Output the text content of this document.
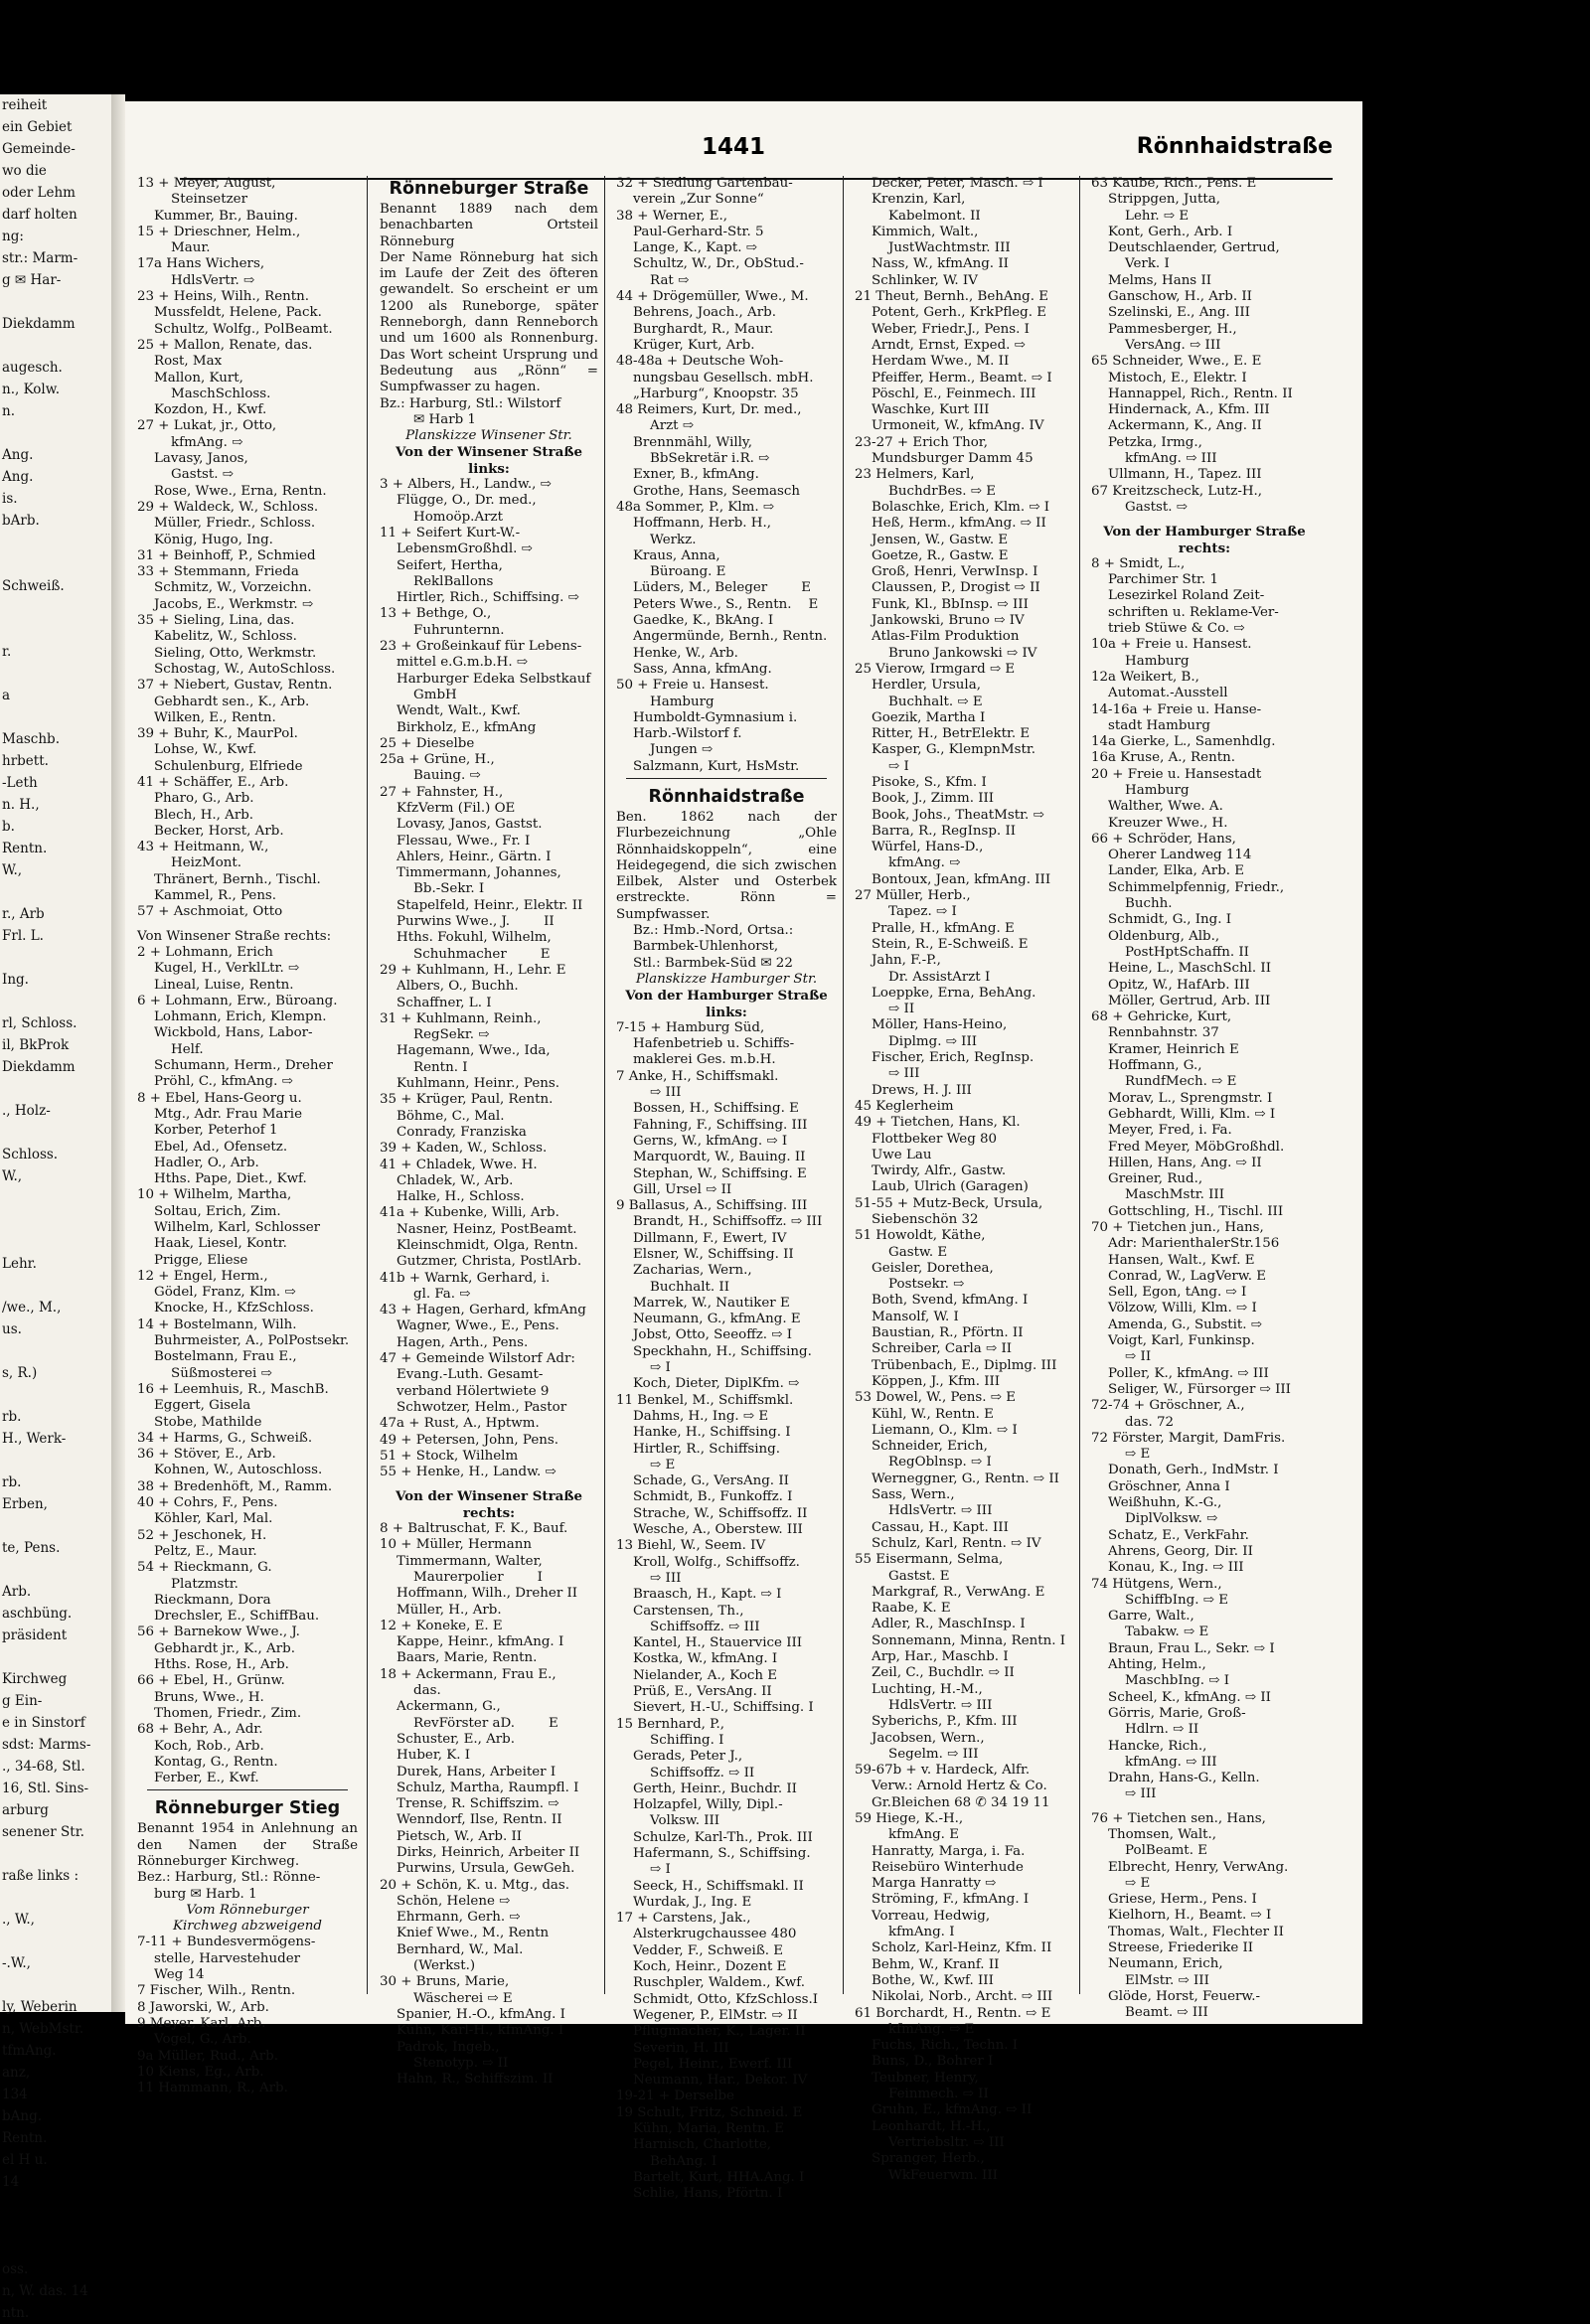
reiheit
ein Gebiet
Gemeinde-
wo die
oder Lehm
darf holten
ng:
str.: Marm-
g ✉ Har-

Diekdamm

augesch.
n., Kolw.
n.

Ang.
Ang.
is.
bArb.

Schweiß.

r.

a

Maschb.
hrbett.
-Leth
n. H.,
b.
Rentn.
W.,

r., Arb
Frl. L.

Ing.

rl, Schloss.
il, BkProk
Diekdamm

., Holz-

Schloss.
W.,

Lehr.

/we., M.,
us.

s, R.)

rb.
H., Werk-

rb.
Erben,

te, Pens.

Arb.
aschbüng.
präsident

Kirchweg
g Ein-
e in Sinstorf
sdst: Marms-
., 34-68, Stl.
16, Stl. Sins-
arburg
senener Str.

raße links :

., W.,

-.W.,

ly, Weberin
n, WebMstr.
tfmAng.
anz,
134
bAng.
Rentn.
el H u.
14

oss.
n, W. das. 14
ntn.
1441	Rönnhaidstraße
13 + Meyer, August,
Steinsetzer
Kummer, Br., Bauing.
15 + Drieschner, Helm.,
Maur.
17a Hans Wichers,
HdlsVertr. ⇨
23 + Heins, Wilh., Rentn.
Mussfeldt, Helene, Pack.
Schultz, Wolfg., PolBeamt.
25 + Mallon, Renate, das.
Rost, Max
Mallon, Kurt,
MaschSchloss.
Kozdon, H., Kwf.
27 + Lukat, jr., Otto,
kfmAng. ⇨
Lavasy, Janos,
Gastst. ⇨
Rose, Wwe., Erna, Rentn.
29 + Waldeck, W., Schloss.
Müller, Friedr., Schloss.
König, Hugo, Ing.
31 + Beinhoff, P., Schmied
33 + Stemmann, Frieda
Schmitz, W., Vorzeichn.
Jacobs, E., Werkmstr. ⇨
35 + Sieling, Lina, das.
Kabelitz, W., Schloss.
Sieling, Otto, Werkmstr.
Schostag, W., AutoSchloss.
37 + Niebert, Gustav, Rentn.
Gebhardt sen., K., Arb.
Wilken, E., Rentn.
39 + Buhr, K., MaurPol.
Lohse, W., Kwf.
Schulenburg, Elfriede
41 + Schäffer, E., Arb.
Pharo, G., Arb.
Blech, H., Arb.
Becker, Horst, Arb.
43 + Heitmann, W.,
HeizMont.
Thränert, Bernh., Tischl.
Kammel, R., Pens.
57 + Aschmoiat, Otto
Von Winsener Straße rechts:
2 + Lohmann, Erich
Kugel, H., VerklLtr. ⇨
Lineal, Luise, Rentn.
6 + Lohmann, Erw., Büroang.
Lohmann, Erich, Klempn.
Wickbold, Hans, Labor-
Helf.
Schumann, Herm., Dreher
Pröhl, C., kfmAng. ⇨
8 + Ebel, Hans-Georg u.
Mtg., Adr. Frau Marie
Korber, Peterhof 1
Ebel, Ad., Ofensetz.
Hadler, O., Arb.
Hths. Pape, Diet., Kwf.
10 + Wilhelm, Martha,
Soltau, Erich, Zim.
Wilhelm, Karl, Schlosser
Haak, Liesel, Kontr.
Prigge, Eliese
12 + Engel, Herm.,
Gödel, Franz, Klm. ⇨
Knocke, H., KfzSchloss.
14 + Bostelmann, Wilh.
Buhrmeister, A., PolPostsekr.
Bostelmann, Frau E.,
Süßmosterei ⇨
16 + Leemhuis, R., MaschB.
Eggert, Gisela
Stobe, Mathilde
34 + Harms, G., Schweiß.
36 + Stöver, E., Arb.
Kohnen, W., Autoschloss.
38 + Bredenhöft, M., Ramm.
40 + Cohrs, F., Pens.
Köhler, Karl, Mal.
52 + Jeschonek, H.
Peltz, E., Maur.
54 + Rieckmann, G.
Platzmstr.
Rieckmann, Dora
Drechsler, E., SchiffBau.
56 + Barnekow Wwe., J.
Gebhardt jr., K., Arb.
Hths. Rose, H., Arb.
66 + Ebel, H., Grünw.
Bruns, Wwe., H.
Thomen, Friedr., Zim.
68 + Behr, A., Adr.
Koch, Rob., Arb.
Kontag, G., Rentn.
Ferber, E., Kwf.
Rönneburger Stieg
Benannt 1954 in Anlehnung an den Namen der Straße Rönneburger Kirchweg.
Bez.: Harburg, Stl.: Rönne-
burg ✉ Harb. 1
Vom Rönneburger
Kirchweg abzweigend
7-11 + Bundesvermögens-
stelle, Harvestehuder
Weg 14
7 Fischer, Wilh., Rentn.
8 Jaworski, W., Arb.
9 Meyer, Karl, Arb.
Vogel, G., Arb.
9a Müller, Rud., Arb.
10 Kiens, Eg., Arb.
11 Hammann, R., Arb.
Rönneburger Straße
Benannt 1889 nach dem benachbarten Ortsteil Rönneburg
Der Name Rönneburg hat sich im Laufe der Zeit des öfteren gewandelt. So erscheint er um 1200 als Runeborge, später Renneborgh, dann Renneborch und um 1600 als Ronnenburg. Das Wort scheint Ursprung und Bedeutung aus „Rönn“ = Sumpfwasser zu hagen.
Bz.: Harburg, Stl.: Wilstorf
✉ Harb 1
Planskizze Winsener Str.
Von der Winsener Straße
links:
3 + Albers, H., Landw., ⇨
Flügge, O., Dr. med.,
Homoöp.Arzt
11 + Seifert Kurt-W.-
LebensmGroßhdl. ⇨
Seifert, Hertha,
ReklBallons
Hirtler, Rich., Schiffsing. ⇨
13 + Bethge, O.,
Fuhrunternn.
23 + Großeinkauf für Lebens-
mittel e.G.m.b.H. ⇨
Harburger Edeka Selbstkauf
GmbH
Wendt, Walt., Kwf.
Birkholz, E., kfmAng
25 + Dieselbe
25a + Grüne, H.,
Bauing. ⇨
27 + Fahnster, H.,
KfzVerm (Fil.) OE
Lovasy, Janos, Gastst.
Flessau, Wwe., Fr. I
Ahlers, Heinr., Gärtn. I
Timmermann, Johannes,
Bb.-Sekr. I
Stapelfeld, Heinr., Elektr. II
Purwins Wwe., J.        II
Hths. Fokuhl, Wilhelm,
Schuhmacher        E
29 + Kuhlmann, H., Lehr. E
Albers, O., Buchh.
Schaffner, L. I
31 + Kuhlmann, Reinh.,
RegSekr. ⇨
Hagemann, Wwe., Ida,
Rentn. I
Kuhlmann, Heinr., Pens.
35 + Krüger, Paul, Rentn.
Böhme, C., Mal.
Conrady, Franziska
39 + Kaden, W., Schloss.
41 + Chladek, Wwe. H.
Chladek, W., Arb.
Halke, H., Schloss.
41a + Kubenke, Willi, Arb.
Nasner, Heinz, PostBeamt.
Kleinschmidt, Olga, Rentn.
Gutzmer, Christa, PostlArb.
41b + Warnk, Gerhard, i.
gl. Fa. ⇨
43 + Hagen, Gerhard, kfmAng
Wagner, Wwe., E., Pens.
Hagen, Arth., Pens.
47 + Gemeinde Wilstorf Adr:
Evang.-Luth. Gesamt-
verband Hölertwiete 9
Schwotzer, Helm., Pastor
47a + Rust, A., Hptwm.
49 + Petersen, John, Pens.
51 + Stock, Wilhelm
55 + Henke, H., Landw. ⇨
Von der Winsener Straße
rechts:
8 + Baltruschat, F. K., Bauf.
10 + Müller, Hermann
Timmermann, Walter,
Maurerpolier        I
Hoffmann, Wilh., Dreher II
Müller, H., Arb.
12 + Koneke, E. E
Kappe, Heinr., kfmAng. I
Baars, Marie, Rentn.
18 + Ackermann, Frau E.,
das.
Ackermann, G.,
RevFörster aD.        E
Schuster, E., Arb.
Huber, K. I
Durek, Hans, Arbeiter I
Schulz, Martha, Raumpfl. I
Trense, R. Schiffszim. ⇨
Wenndorf, Ilse, Rentn. II
Pietsch, W., Arb. II
Dirks, Heinrich, Arbeiter II
Purwins, Ursula, GewGeh.
20 + Schön, K. u. Mtg., das.
Schön, Helene ⇨
Ehrmann, Gerh. ⇨
Knief Wwe., M., Rentn
Bernhard, W., Mal.
(Werkst.)
30 + Bruns, Marie,
Wäscherei ⇨ E
Spanier, H.-O., kfmAng. I
Kühn, Karl-H., kfmAng. I
Padrok, Ingeb.,
Stenotyp. ⇨ II
Hahn, R., Schiffszim. II
32 + Siedlung Gartenbau-
verein „Zur Sonne“
38 + Werner, E.,
Paul-Gerhard-Str. 5
Lange, K., Kapt. ⇨
Schultz, W., Dr., ObStud.-
Rat ⇨
44 + Drögemüller, Wwe., M.
Behrens, Joach., Arb.
Burghardt, R., Maur.
Krüger, Kurt, Arb.
48-48a + Deutsche Woh-
nungsbau Gesellsch. mbH.
„Harburg“, Knoopstr. 35
48 Reimers, Kurt, Dr. med.,
Arzt ⇨
Brennmähl, Willy,
BbSekretär i.R. ⇨
Exner, B., kfmAng.
Grothe, Hans, Seemasch
48a Sommer, P., Klm. ⇨
Hoffmann, Herb. H.,
Werkz.
Kraus, Anna,
Büroang. E
Lüders, M., Beleger        E
Peters Wwe., S., Rentn.    E
Gaedke, K., BkAng. I
Angermünde, Bernh., Rentn.
Henke, W., Arb.
Sass, Anna, kfmAng.
50 + Freie u. Hansest.
Hamburg
Humboldt-Gymnasium i.
Harb.-Wilstorf f.
Jungen ⇨
Salzmann, Kurt, HsMstr.
Rönnhaidstraße
Ben. 1862 nach der Flurbezeichnung „Ohle Rönnhaidskoppeln“, eine Heidegegend, die sich zwischen Eilbek, Alster und Osterbek erstreckte. Rönn = Sumpfwasser.
Bz.: Hmb.-Nord, Ortsa.:
Barmbek-Uhlenhorst,
Stl.: Barmbek-Süd ✉ 22
Planskizze Hamburger Str.
Von der Hamburger Straße
links:
7-15 + Hamburg Süd,
Hafenbetrieb u. Schiffs-
maklerei Ges. m.b.H.
7 Anke, H., Schiffsmakl.
⇨ III
Bossen, H., Schiffsing. E
Fahning, F., Schiffsing. III
Gerns, W., kfmAng. ⇨ I
Marquordt, W., Bauing. II
Stephan, W., Schiffsing. E
Gill, Ursel ⇨ II
9 Ballasus, A., Schiffsing. III
Brandt, H., Schiffsoffz. ⇨ III
Dillmann, F., Ewert, IV
Elsner, W., Schiffsing. II
Zacharias, Wern.,
Buchhalt. II
Marrek, W., Nautiker E
Neumann, G., kfmAng. E
Jobst, Otto, Seeoffz. ⇨ I
Speckhahn, H., Schiffsing.
⇨ I
Koch, Dieter, DiplKfm. ⇨
11 Benkel, M., Schiffsmkl.
Dahms, H., Ing. ⇨ E
Hanke, H., Schiffsing. I
Hirtler, R., Schiffsing.
⇨ E
Schade, G., VersAng. II
Schmidt, B., Funkoffz. I
Strache, W., Schiffsoffz. II
Wesche, A., Oberstew. III
13 Biehl, W., Seem. IV
Kroll, Wolfg., Schiffsoffz.
⇨ III
Braasch, H., Kapt. ⇨ I
Carstensen, Th.,
Schiffsoffz. ⇨ III
Kantel, H., Stauervice III
Kostka, W., kfmAng. I
Nielander, A., Koch E
Prüß, E., VersAng. II
Sievert, H.-U., Schiffsing. I
15 Bernhard, P.,
Schiffing. I
Gerads, Peter J.,
Schiffsoffz. ⇨ II
Gerth, Heinr., Buchdr. II
Holzapfel, Willy, Dipl.-
Volksw. III
Schulze, Karl-Th., Prok. III
Hafermann, S., Schiffsing.
⇨ I
Seeck, H., Schiffsmakl. II
Wurdak, J., Ing. E
17 + Carstens, Jak.,
Alsterkrugchaussee 480
Vedder, F., Schweiß. E
Koch, Heinr., Dozent E
Ruschpler, Waldem., Kwf.
Schmidt, Otto, KfzSchloss.I
Wegener, P., ElMstr. ⇨ II
Pflugmacher, K., Lager. II
Severin, H. III
Pegel, Heinr., Ewerf. III
Neumann, Har., Dekor. IV
19-21 + Derselbe
19 Schult, Fritz, Schneid. E
Kühn, Maria, Rentn. E
Harnisch, Charlotte,
BehAng. I
Bartelt, Kurt, HHA.Ang. I
Schlie, Hans, Pförtn. I
Decker, Peter, Masch. ⇨ I
Krenzin, Karl,
Kabelmont. II
Kimmich, Walt.,
JustWachtmstr. III
Nass, W., kfmAng. II
Schlinker, W. IV
21 Theut, Bernh., BehAng. E
Potent, Gerh., KrkPfleg. E
Weber, Friedr.J., Pens. I
Arndt, Ernst, Exped. ⇨
Herdam Wwe., M. II
Pfeiffer, Herm., Beamt. ⇨ I
Pöschl, E., Feinmech. III
Waschke, Kurt III
Urmoneit, W., kfmAng. IV
23-27 + Erich Thor,
Mundsburger Damm 45
23 Helmers, Karl,
BuchdrBes. ⇨ E
Bolaschke, Erich, Klm. ⇨ I
Heß, Herm., kfmAng. ⇨ II
Jensen, W., Gastw. E
Goetze, R., Gastw. E
Groß, Henri, VerwInsp. I
Claussen, P., Drogist ⇨ II
Funk, Kl., BbInsp. ⇨ III
Jankowski, Bruno ⇨ IV
Atlas-Film Produktion
Bruno Jankowski ⇨ IV
25 Vierow, Irmgard ⇨ E
Herdler, Ursula,
Buchhalt. ⇨ E
Goezik, Martha I
Ritter, H., BetrElektr. E
Kasper, G., KlempnMstr.
⇨ I
Pisoke, S., Kfm. I
Book, J., Zimm. III
Book, Johs., TheatMstr. ⇨
Barra, R., RegInsp. II
Würfel, Hans-D.,
kfmAng. ⇨
Bontoux, Jean, kfmAng. III
27 Müller, Herb.,
Tapez. ⇨ I
Pralle, H., kfmAng. E
Stein, R., E-Schweiß. E
Jahn, F.-P.,
Dr. AssistArzt I
Loeppke, Erna, BehAng.
⇨ II
Möller, Hans-Heino,
Diplmg. ⇨ III
Fischer, Erich, RegInsp.
⇨ III
Drews, H. J. III
45 Keglerheim
49 + Tietchen, Hans, Kl.
Flottbeker Weg 80
Uwe Lau
Twirdy, Alfr., Gastw.
Laub, Ulrich (Garagen)
51-55 + Mutz-Beck, Ursula,
Siebenschön 32
51 Howoldt, Käthe,
Gastw. E
Geisler, Dorethea,
Postsekr. ⇨
Both, Svend, kfmAng. I
Mansolf, W. I
Baustian, R., Pförtn. II
Schreiber, Carla ⇨ II
Trübenbach, E., Diplmg. III
Köppen, J., Kfm. III
53 Dowel, W., Pens. ⇨ E
Kühl, W., Rentn. E
Liemann, O., Klm. ⇨ I
Schneider, Erich,
RegOblnsp. ⇨ I
Werneggner, G., Rentn. ⇨ II
Sass, Wern.,
HdlsVertr. ⇨ III
Cassau, H., Kapt. III
Schulz, Karl, Rentn. ⇨ IV
55 Eisermann, Selma,
Gastst. E
Markgraf, R., VerwAng. E
Raabe, K. E
Adler, R., MaschInsp. I
Sonnemann, Minna, Rentn. I
Arp, Har., Maschb. I
Zeil, C., Buchdlr. ⇨ II
Luchting, H.-M.,
HdlsVertr. ⇨ III
Syberichs, P., Kfm. III
Jacobsen, Wern.,
Segelm. ⇨ III
59-67b + v. Hardeck, Alfr.
Verw.: Arnold Hertz & Co.
Gr.Bleichen 68 ✆ 34 19 11
59 Hiege, K.-H.,
kfmAng. E
Hanratty, Marga, i. Fa.
Reisebüro Winterhude
Marga Hanratty ⇨
Ströming, F., kfmAng. I
Vorreau, Hedwig,
kfmAng. I
Scholz, Karl-Heinz, Kfm. II
Behm, W., Kranf. II
Bothe, W., Kwf. III
Nikolai, Norb., Archt. ⇨ III
61 Borchardt, H., Rentn. ⇨ E
kfmAng. ⇨ E
Fuchs, Rich., Techn. I
Buns, D., Bohrer I
Teubner, Henry,
Feinmech. ⇨ II
Gruhn, E., kfmAng. ⇨ II
Leonhardt, H.-H.,
Vertriebsltr. ⇨ III
Spranger, Herb.,
WkFeuerwm. III
63 Kaube, Rich., Pens. E
Strippgen, Jutta,
Lehr. ⇨ E
Kont, Gerh., Arb. I
Deutschlaender, Gertrud,
Verk. I
Melms, Hans II
Ganschow, H., Arb. II
Szelinski, E., Ang. III
Pammesberger, H.,
VersAng. ⇨ III
65 Schneider, Wwe., E. E
Mistoch, E., Elektr. I
Hannappel, Rich., Rentn. II
Hindernack, A., Kfm. III
Ackermann, K., Ang. II
Petzka, Irmg.,
kfmAng. ⇨ III
Ullmann, H., Tapez. III
67 Kreitzscheck, Lutz-H.,
Gastst. ⇨
Von der Hamburger Straße
rechts:
8 + Smidt, L.,
Parchimer Str. 1
Lesezirkel Roland Zeit-
schriften u. Reklame-Ver-
trieb Stüwe & Co. ⇨
10a + Freie u. Hansest.
Hamburg
12a Weikert, B.,
Automat.-Ausstell
14-16a + Freie u. Hanse-
stadt Hamburg
14a Gierke, L., Samenhdlg.
16a Kruse, A., Rentn.
20 + Freie u. Hansestadt
Hamburg
Walther, Wwe. A.
Kreuzer Wwe., H.
66 + Schröder, Hans,
Oherer Landweg 114
Lander, Elka, Arb. E
Schimmelpfennig, Friedr.,
Buchh.
Schmidt, G., Ing. I
Oldenburg, Alb.,
PostHptSchaffn. II
Heine, L., MaschSchl. II
Opitz, W., HafArb. III
Möller, Gertrud, Arb. III
68 + Gehricke, Kurt,
Rennbahnstr. 37
Kramer, Heinrich E
Hoffmann, G.,
RundfMech. ⇨ E
Morav, L., Sprengmstr. I
Gebhardt, Willi, Klm. ⇨ I
Meyer, Fred, i. Fa.
Fred Meyer, MöbGroßhdl.
Hillen, Hans, Ang. ⇨ II
Greiner, Rud.,
MaschMstr. III
Gottschling, H., Tischl. III
70 + Tietchen jun., Hans,
Adr: MarienthalerStr.156
Hansen, Walt., Kwf. E
Conrad, W., LagVerw. E
Sell, Egon, tAng. ⇨ I
Völzow, Willi, Klm. ⇨ I
Amenda, G., Substit. ⇨
Voigt, Karl, Funkinsp.
⇨ II
Poller, K., kfmAng. ⇨ III
Seliger, W., Fürsorger ⇨ III
72-74 + Gröschner, A.,
das. 72
72 Förster, Margit, DamFris.
⇨ E
Donath, Gerh., IndMstr. I
Gröschner, Anna I
Weißhuhn, K.-G.,
DiplVolksw. ⇨
Schatz, E., VerkFahr.
Ahrens, Georg, Dir. II
Konau, K., Ing. ⇨ III
74 Hütgens, Wern.,
SchiffbIng. ⇨ E
Garre, Walt.,
Tabakw. ⇨ E
Braun, Frau L., Sekr. ⇨ I
Ahting, Helm.,
MaschbIng. ⇨ I
Scheel, K., kfmAng. ⇨ II
Görris, Marie, Groß-
Hdlrn. ⇨ II
Hancke, Rich.,
kfmAng. ⇨ III
Drahn, Hans-G., Kelln.
⇨ III
76 + Tietchen sen., Hans,
Thomsen, Walt.,
PolBeamt. E
Elbrecht, Henry, VerwAng.
⇨ E
Griese, Herm., Pens. I
Kielhorn, H., Beamt. ⇨ I
Thomas, Walt., Flechter II
Streese, Friederike II
Neumann, Erich,
ElMstr. ⇨ III
Glöde, Horst, Feuerw.-
Beamt. ⇨ III
